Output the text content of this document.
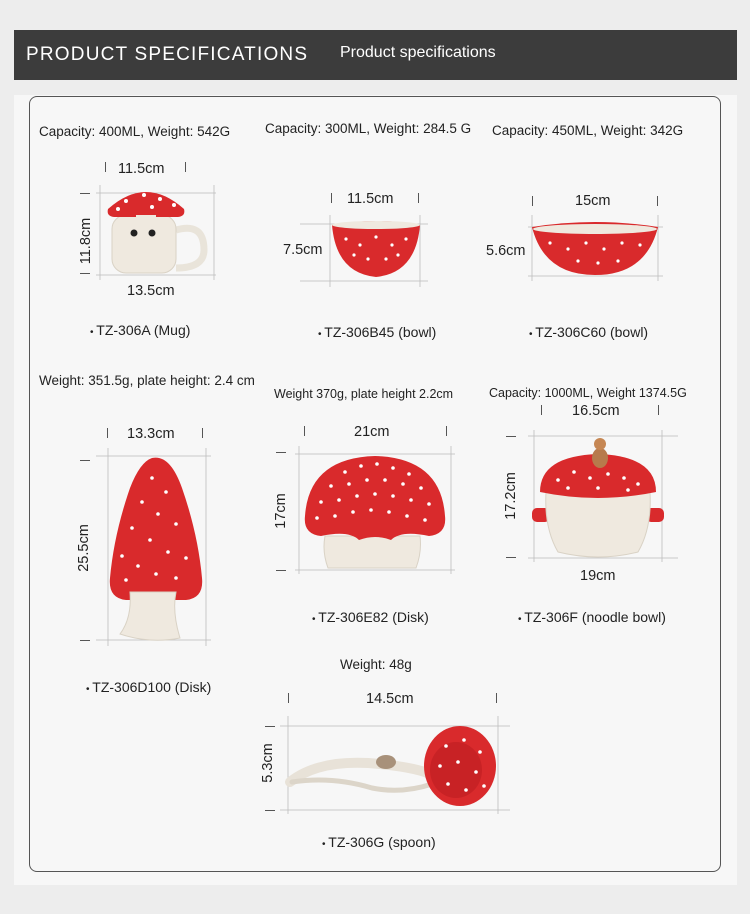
PRODUCT SPECIFICATIONS Product specifications
Capacity: 400ML, Weight: 542G
11.5cm
11.8cm
13.5cm
• TZ-306A (Mug)
Capacity: 300ML, Weight: 284.5 G
11.5cm
7.5cm
• TZ-306B45 (bowl)
Capacity: 450ML, Weight: 342G
15cm
5.6cm
• TZ-306C60 (bowl)
Weight: 351.5g, plate height: 2.4 cm
13.3cm
25.5cm
• TZ-306D100 (Disk)
Weight 370g, plate height 2.2cm
21cm
17cm
• TZ-306E82 (Disk)
Capacity: 1000ML, Weight 1374.5G
16.5cm
17.2cm
19cm
• TZ-306F (noodle bowl)
Weight: 48g
14.5cm
5.3cm
• TZ-306G (spoon)
